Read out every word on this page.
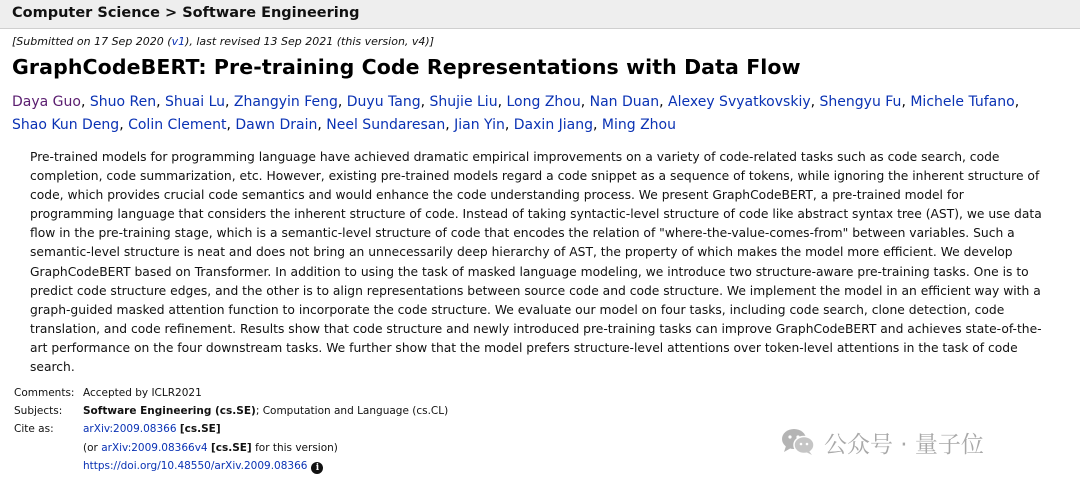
Computer Science > Software Engineering
[Submitted on 17 Sep 2020 (v1), last revised 13 Sep 2021 (this version, v4)]
GraphCodeBERT: Pre-training Code Representations with Data Flow
Daya Guo, Shuo Ren, Shuai Lu, Zhangyin Feng, Duyu Tang, Shujie Liu, Long Zhou, Nan Duan, Alexey Svyatkovskiy, Shengyu Fu, Michele Tufano, Shao Kun Deng, Colin Clement, Dawn Drain, Neel Sundaresan, Jian Yin, Daxin Jiang, Ming Zhou

Pre-trained models for programming language have achieved dramatic empirical improvements on a variety of code-related tasks such as code search, code completion, code summarization, etc. However, existing pre-trained models regard a code snippet as a sequence of tokens, while ignoring the inherent structure of code, which provides crucial code semantics and would enhance the code understanding process. We present GraphCodeBERT, a pre-trained model for programming language that considers the inherent structure of code. Instead of taking syntactic-level structure of code like abstract syntax tree (AST), we use data flow in the pre-training stage, which is a semantic-level structure of code that encodes the relation of "where-the-value-comes-from" between variables. Such a semantic-level structure is neat and does not bring an unnecessarily deep hierarchy of AST, the property of which makes the model more efficient. We develop GraphCodeBERT based on Transformer. In addition to using the task of masked language modeling, we introduce two structure-aware pre-training tasks. One is to predict code structure edges, and the other is to align representations between source code and code structure. We implement the model in an efficient way with a graph-guided masked attention function to incorporate the code structure. We evaluate our model on four tasks, including code search, clone detection, code translation, and code refinement. Results show that code structure and newly introduced pre-training tasks can improve GraphCodeBERT and achieves state-of-the-art performance on the four downstream tasks. We further show that the model prefers structure-level attentions over token-level attentions in the task of code search.

Comments:	Accepted by ICLR2021
Subjects:	Software Engineering (cs.SE); Computation and Language (cs.CL)
Cite as:	arXiv:2009.08366 [cs.SE]
	(or arXiv:2009.08366v4 [cs.SE] for this version)
	https://doi.org/10.48550/arXiv.2009.08366 i
公众号 · 量子位
